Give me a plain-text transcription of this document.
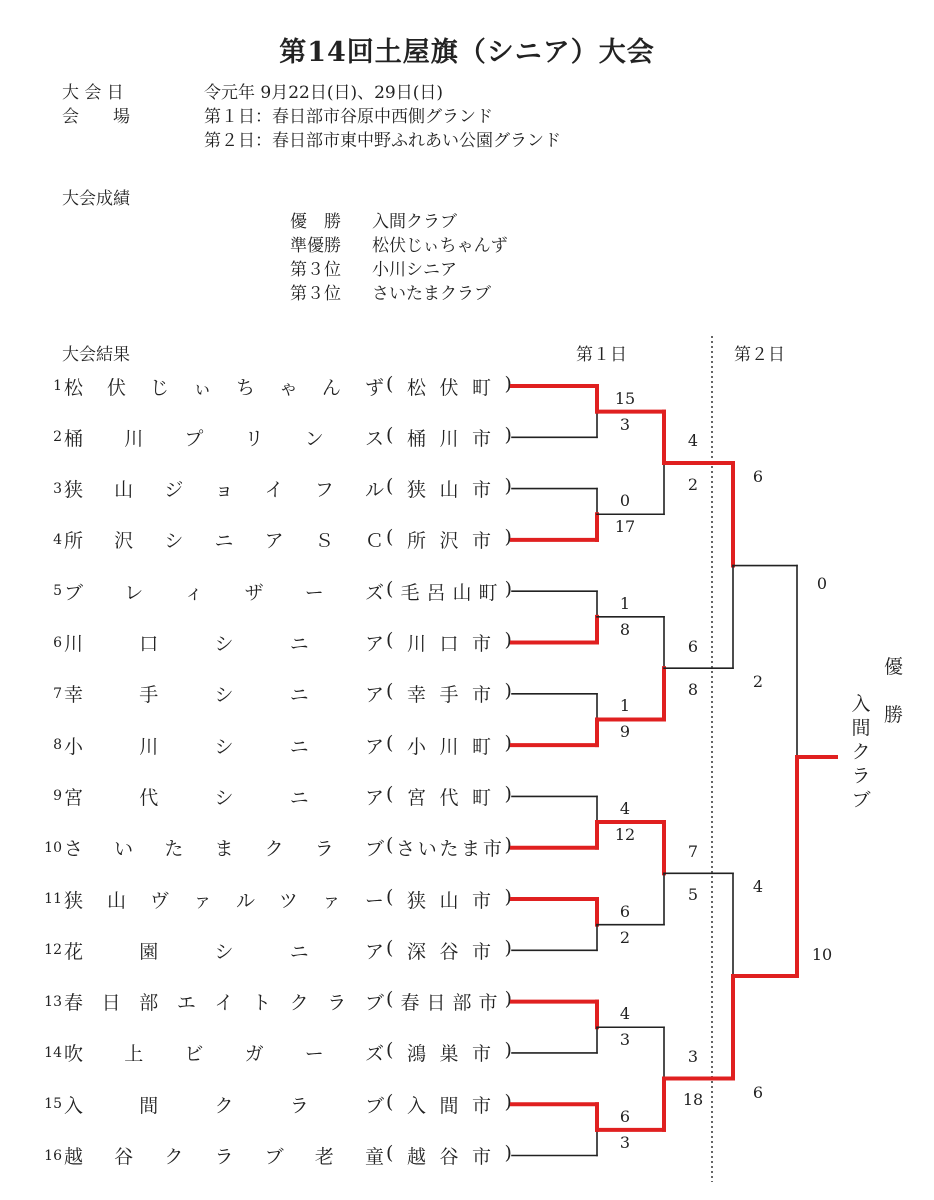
第14回土屋旗（シニア）大会
大 会 日	令元年 9月22日(日)、29日(日)
会　　場	第１日：春日部市谷原中西側グランド
第２日：春日部市東中野ふれあい公園グランド
大会成績
優　勝 入間クラブ
準優勝 松伏じぃちゃんず
第３位 小川シニア
第３位 さいたまクラブ
大会結果	第１日	第２日
1 松 伏 じ ぃ ち ゃ ん ず ( 松 伏 町 )
2 桶 川 プ リ ン ス ( 桶 川 市 )
3 狭 山 ジ ョ イ フ ル ( 狭 山 市 )
4 所 沢 シ ニ ア Ｓ Ｃ ( 所 沢 市 )
5 ブ レ ィ ザ ー ズ ( 毛 呂 山 町 )
6 川	口	シ	ニ	ア ( 川 口 市 )
7 幸	手	シ	ニ	ア ( 幸 手 市 )
8 小	川	シ	ニ	ア ( 小 川 町 )
9 宮	代	シ	ニ	ア ( 宮 代 町 )
10 さ い た ま ク ラ ブ ( さ い た ま 市 )
11 狭 山 ヴ ァ ル ツ ァ ー ( 狭 山 市 )
12 花	園	シ	ニ	ア ( 深 谷 市 )
13 春 日 部 エ イ ト ク ラ ブ ( 春 日 部 市 )
14 吹 上 ビ ガ ー ズ ( 鴻 巣 市 )
15 入	間	ク	ラ	ブ ( 入 間 市 )
16 越 谷 ク ラ ブ 老 童 ( 越 谷 市 )
15
3
0
17
1
8
1
9
4
12
6
2
4
3
6
3
4
2
6
8
7
5
3
18
6
2
4
6
0
10
優
勝
入間クラブ
